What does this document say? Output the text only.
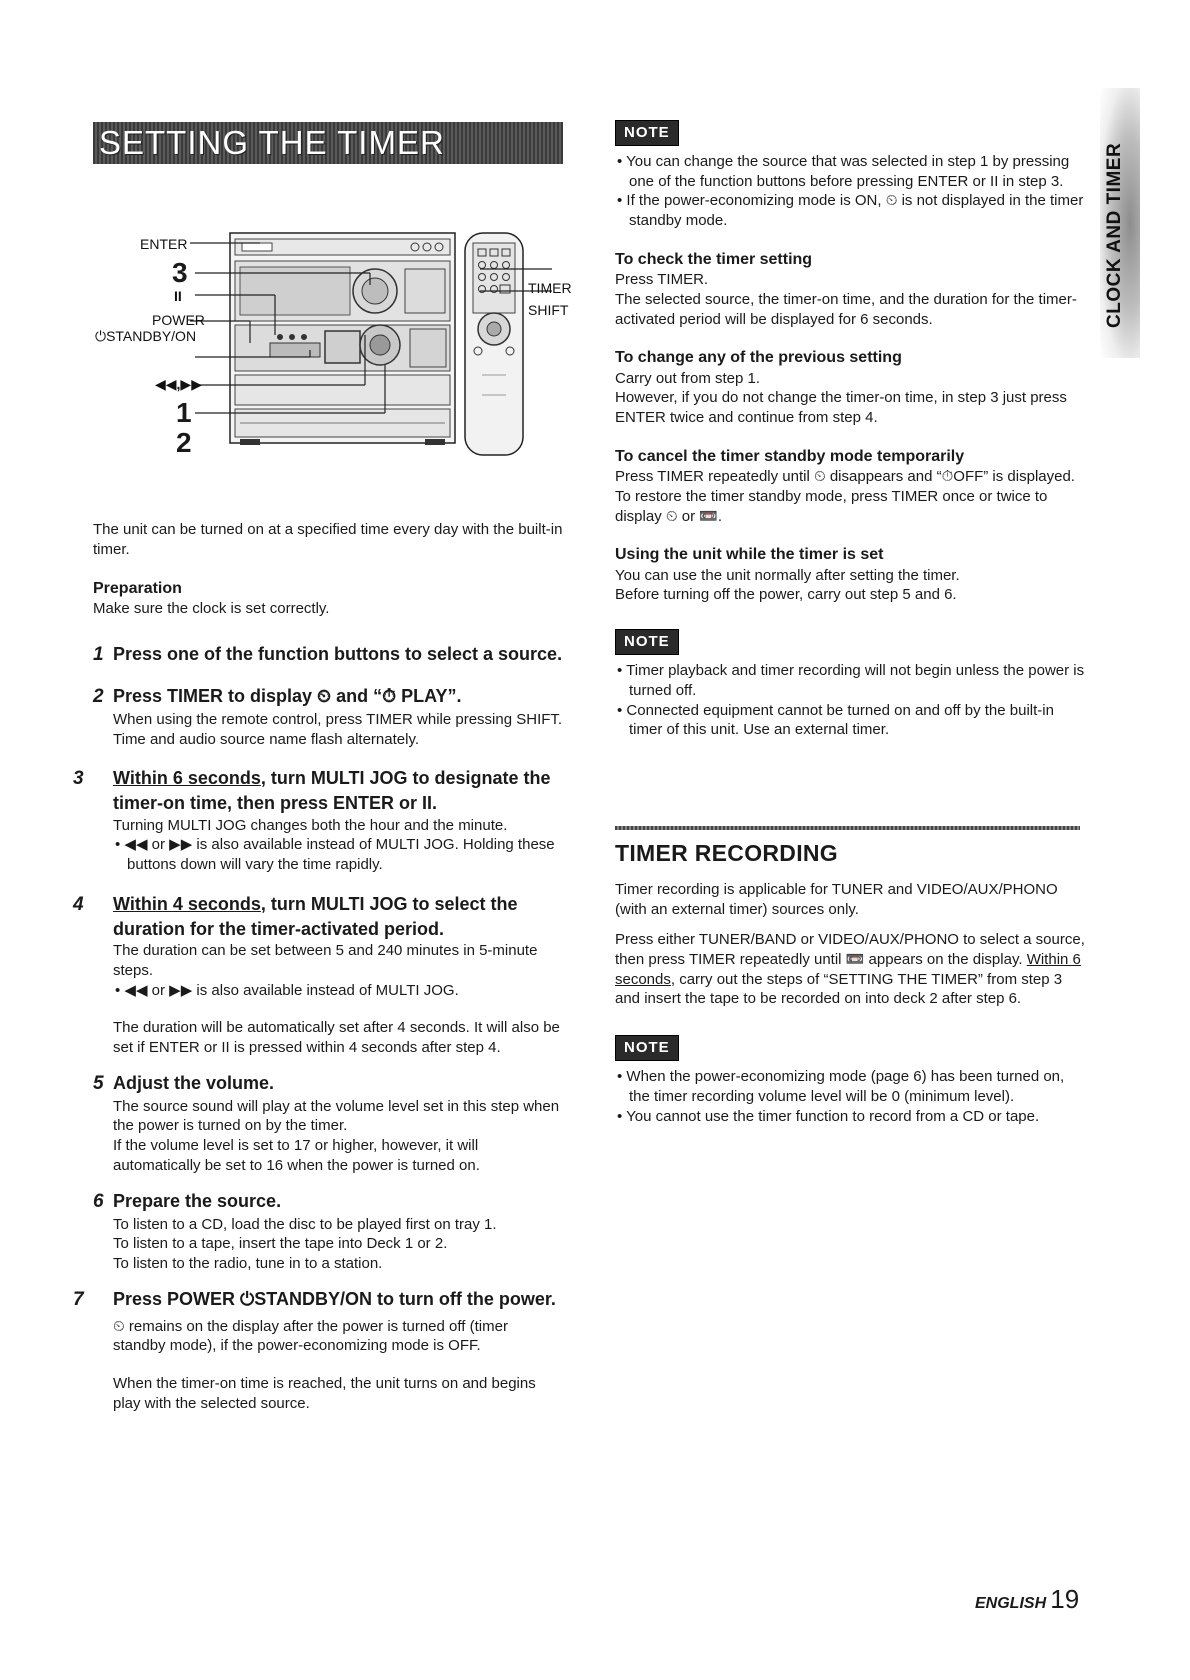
SETTING THE TIMER
CLOCK AND TIMER
ENTER
3
II
POWER
⏻STANDBY/ON
◀◀,▶▶
1
2
TIMER
SHIFT

The unit can be turned on at a specified time every day with the built-in timer.

Preparation

Make sure the clock is set correctly.

1 Press one of the function buttons to select a source.
2 Press TIMER to display ⏲ and “⏱ PLAY”.

When using the remote control, press TIMER while pressing SHIFT.

Time and audio source name flash alternately.

3 Within 6 seconds, turn MULTI JOG to designate the timer-on time, then press ENTER or II.

Turning MULTI JOG changes both the hour and the minute.

• ◀◀ or ▶▶ is also available instead of MULTI JOG. Holding these buttons down will vary the time rapidly.

4 Within 4 seconds, turn MULTI JOG to select the duration for the timer-activated period.

The duration can be set between 5 and 240 minutes in 5-minute steps.

• ◀◀ or ▶▶ is also available instead of MULTI JOG.

The duration will be automatically set after 4 seconds. It will also be set if ENTER or II is pressed within 4 seconds after step 4.

5 Adjust the volume.

The source sound will play at the volume level set in this step when the power is turned on by the timer.

If the volume level is set to 17 or higher, however, it will automatically be set to 16 when the power is turned on.

6 Prepare the source.

To listen to a CD, load the disc to be played first on tray 1.

To listen to a tape, insert the tape into Deck 1 or 2.

To listen to the radio, tune in to a station.

7 Press POWER ⏻STANDBY/ON to turn off the power.

⏲ remains on the display after the power is turned off (timer standby mode), if the power-economizing mode is OFF.

When the timer-on time is reached, the unit turns on and begins play with the selected source.

NOTE

• You can change the source that was selected in step 1 by pressing one of the function buttons before pressing ENTER or II in step 3.

• If the power-economizing mode is ON, ⏲ is not displayed in the timer standby mode.

To check the timer setting

Press TIMER.

The selected source, the timer-on time, and the duration for the timer-activated period will be displayed for 6 seconds.

To change any of the previous setting

Carry out from step 1.

However, if you do not change the timer-on time, in step 3 just press ENTER twice and continue from step 4.

To cancel the timer standby mode temporarily

Press TIMER repeatedly until ⏲ disappears and “⏱OFF” is displayed.

To restore the timer standby mode, press TIMER once or twice to display ⏲ or 📼.

Using the unit while the timer is set

You can use the unit normally after setting the timer.

Before turning off the power, carry out step 5 and 6.

NOTE

• Timer playback and timer recording will not begin unless the power is turned off.

• Connected equipment cannot be turned on and off by the built-in timer of this unit. Use an external timer.

TIMER RECORDING

Timer recording is applicable for TUNER and VIDEO/AUX/PHONO (with an external timer) sources only.

Press either TUNER/BAND or VIDEO/AUX/PHONO to select a source, then press TIMER repeatedly until 📼 appears on the display. Within 6 seconds, carry out the steps of “SETTING THE TIMER” from step 3 and insert the tape to be recorded on into deck 2 after step 6.

NOTE

• When the power-economizing mode (page 6) has been turned on, the timer recording volume level will be 0 (minimum level).

• You cannot use the timer function to record from a CD or tape.

ENGLISH 19
